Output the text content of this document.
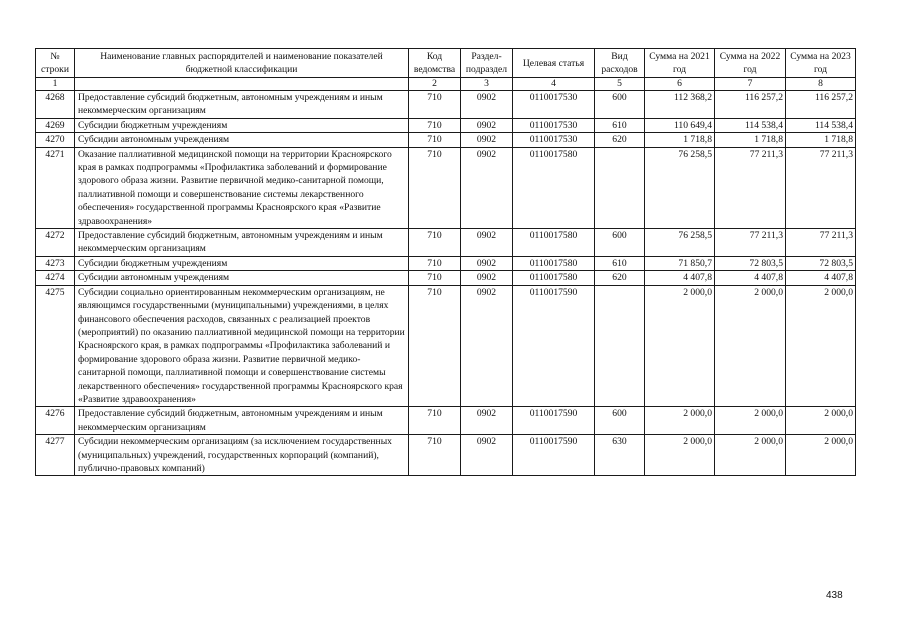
№ строки	Наименование главных распорядителей и наименование показателей бюджетной классификации	Код ведомства	Раздел-подраздел	Целевая статья	Вид расходов	Сумма на 2021 год	Сумма на 2022 год	Сумма на 2023 год
1		2	3	4	5	6	7	8
4268	Предоставление субсидий бюджетным, автономным учреждениям и иным некоммерческим организациям	710	0902	0110017530	600	112 368,2	116 257,2	116 257,2
4269	Субсидии бюджетным учреждениям	710	0902	0110017530	610	110 649,4	114 538,4	114 538,4
4270	Субсидии автономным учреждениям	710	0902	0110017530	620	1 718,8	1 718,8	1 718,8
4271	Оказание паллиативной медицинской помощи на территории Красноярского края в рамках подпрограммы «Профилактика заболеваний и формирование здорового образа жизни. Развитие первичной медико-санитарной помощи, паллиативной помощи и совершенствование системы лекарственного обеспечения» государственной программы Красноярского края «Развитие здравоохранения»	710	0902	0110017580		76 258,5	77 211,3	77 211,3
4272	Предоставление субсидий бюджетным, автономным учреждениям и иным некоммерческим организациям	710	0902	0110017580	600	76 258,5	77 211,3	77 211,3
4273	Субсидии бюджетным учреждениям	710	0902	0110017580	610	71 850,7	72 803,5	72 803,5
4274	Субсидии автономным учреждениям	710	0902	0110017580	620	4 407,8	4 407,8	4 407,8
4275	Субсидии социально ориентированным некоммерческим организациям, не являющимся государственными (муниципальными) учреждениями, в целях финансового обеспечения расходов, связанных с реализацией проектов (мероприятий) по оказанию паллиативной медицинской помощи на территории Красноярского края, в рамках подпрограммы «Профилактика заболеваний и формирование здорового образа жизни. Развитие первичной медико-санитарной помощи, паллиативной помощи и совершенствование системы лекарственного обеспечения» государственной программы Красноярского края «Развитие здравоохранения»	710	0902	0110017590		2 000,0	2 000,0	2 000,0
4276	Предоставление субсидий бюджетным, автономным учреждениям и иным некоммерческим организациям	710	0902	0110017590	600	2 000,0	2 000,0	2 000,0
4277	Субсидии некоммерческим организациям (за исключением государственных (муниципальных) учреждений, государственных корпораций (компаний), публично-правовых компаний)	710	0902	0110017590	630	2 000,0	2 000,0	2 000,0
438
